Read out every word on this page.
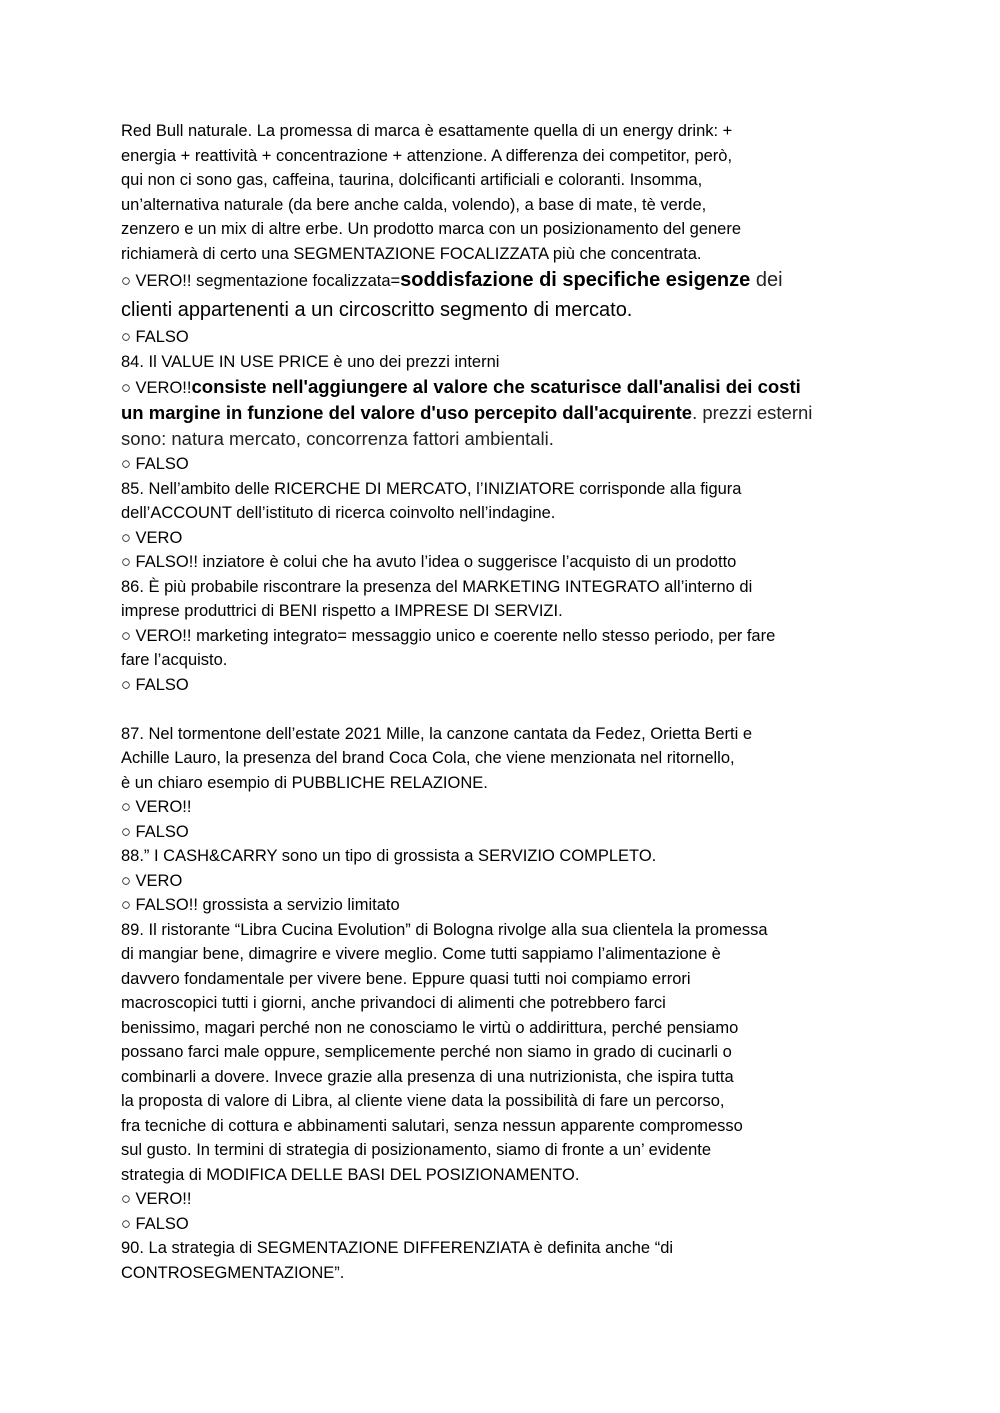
Red Bull naturale. La promessa di marca è esattamente quella di un energy drink: +
energia + reattività + concentrazione + attenzione. A differenza dei competitor, però,
qui non ci sono gas, caffeina, taurina, dolcificanti artificiali e coloranti. Insomma,
un’alternativa naturale (da bere anche calda, volendo), a base di mate, tè verde,
zenzero e un mix di altre erbe. Un prodotto marca con un posizionamento del genere
richiamerà di certo una SEGMENTAZIONE FOCALIZZATA più che concentrata.
○ VERO!! segmentazione focalizzata=soddisfazione di specifiche esigenze dei
clienti appartenenti a un circoscritto segmento di mercato.
○ FALSO
84. Il VALUE IN USE PRICE è uno dei prezzi interni
○ VERO!!consiste nell'aggiungere al valore che scaturisce dall'analisi dei costi
un margine in funzione del valore d'uso percepito dall'acquirente. prezzi esterni
sono: natura mercato, concorrenza fattori ambientali.
○ FALSO
85. Nell’ambito delle RICERCHE DI MERCATO, l’INIZIATORE corrisponde alla figura
dell’ACCOUNT dell’istituto di ricerca coinvolto nell’indagine.
○ VERO
○ FALSO!! inziatore è colui che ha avuto l’idea o suggerisce l’acquisto di un prodotto
86. È più probabile riscontrare la presenza del MARKETING INTEGRATO all’interno di
imprese produttrici di BENI rispetto a IMPRESE DI SERVIZI.
○ VERO!! marketing integrato= messaggio unico e coerente nello stesso periodo, per fare
fare l’acquisto.
○ FALSO
87. Nel tormentone dell’estate 2021 Mille, la canzone cantata da Fedez, Orietta Berti e
Achille Lauro, la presenza del brand Coca Cola, che viene menzionata nel ritornello,
è un chiaro esempio di PUBBLICHE RELAZIONE.
○ VERO!!
○ FALSO
88.” I CASH&CARRY sono un tipo di grossista a SERVIZIO COMPLETO.
○ VERO
○ FALSO!! grossista a servizio limitato
89. Il ristorante “Libra Cucina Evolution” di Bologna rivolge alla sua clientela la promessa
di mangiar bene, dimagrire e vivere meglio. Come tutti sappiamo l’alimentazione è
davvero fondamentale per vivere bene. Eppure quasi tutti noi compiamo errori
macroscopici tutti i giorni, anche privandoci di alimenti che potrebbero farci
benissimo, magari perché non ne conosciamo le virtù o addirittura, perché pensiamo
possano farci male oppure, semplicemente perché non siamo in grado di cucinarli o
combinarli a dovere. Invece grazie alla presenza di una nutrizionista, che ispira tutta
la proposta di valore di Libra, al cliente viene data la possibilità di fare un percorso,
fra tecniche di cottura e abbinamenti salutari, senza nessun apparente compromesso
sul gusto. In termini di strategia di posizionamento, siamo di fronte a un’ evidente
strategia di MODIFICA DELLE BASI DEL POSIZIONAMENTO.
○ VERO!!
○ FALSO
90. La strategia di SEGMENTAZIONE DIFFERENZIATA è definita anche “di
CONTROSEGMENTAZIONE”.
